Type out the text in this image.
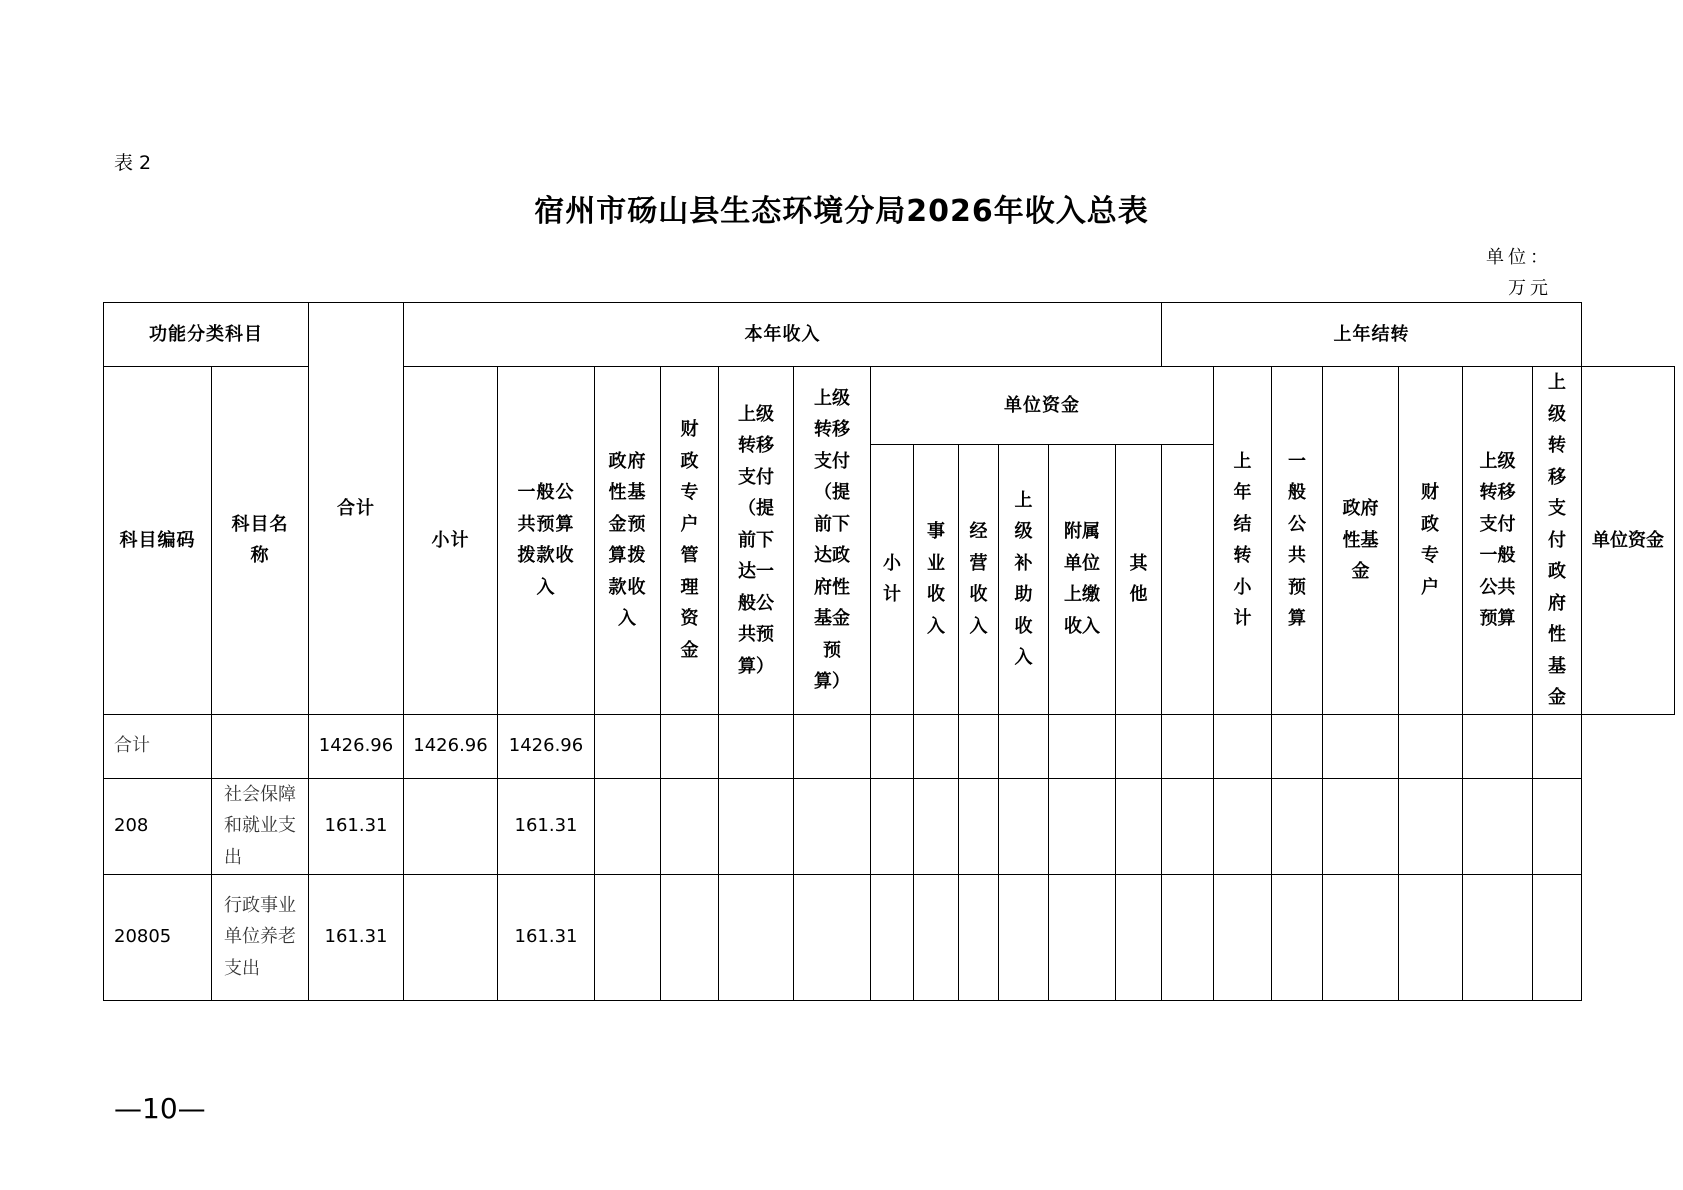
表 2
宿州市砀山县生态环境分局2026年收入总表
单位：万元
功能分类科目		合计	本年收入												上年结转							
科目编码	科目名称		小计	一般公共预算拨款收入	政府性基金预算拨款收入	财政专户管理资金	上级转移支付（提前下达一般公共预算）	上级转移支付（提前下达政府性基金预算）	单位资金							上年结转小计	一般公共预算	政府性基金	财政专户	上级转移支付一般公共预算	上级转移支付政府性基金	单位资金
									小计	事业收入	经营收入	上级补助收入	附属单位上缴收入	其他								
合计		1426.96	1426.96	1426.96																		
208	社会保障和就业支出	161.31		161.31																		
20805	行政事业单位养老支出	161.31		161.31																		
—10—
